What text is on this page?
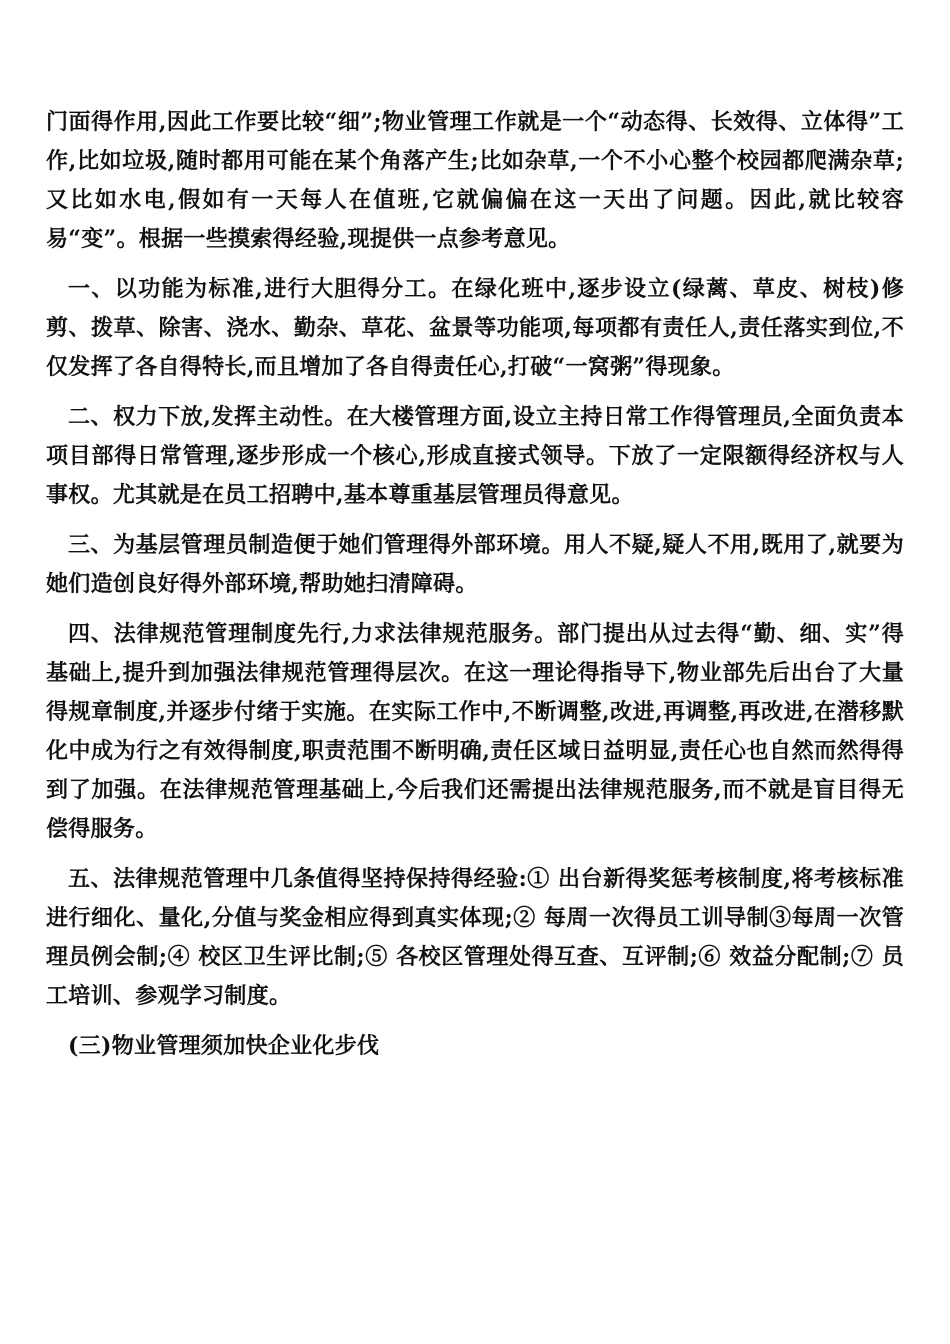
门面得作用,因此工作要比较“细”;物业管理工作就是一个“动态得、长效得、立体得”工作,比如垃圾,随时都用可能在某个角落产生;比如杂草,一个不小心整个校园都爬满杂草;又比如水电,假如有一天每人在值班,它就偏偏在这一天出了问题。因此,就比较容易“变”。根据一些摸索得经验,现提供一点参考意见。

一、以功能为标准,进行大胆得分工。在绿化班中,逐步设立(绿蓠、草皮、树枝)修剪、拨草、除害、浇水、勤杂、草花、盆景等功能项,每项都有责任人,责任落实到位,不仅发挥了各自得特长,而且增加了各自得责任心,打破“一窝粥”得现象。

二、权力下放,发挥主动性。在大楼管理方面,设立主持日常工作得管理员,全面负责本项目部得日常管理,逐步形成一个核心,形成直接式领导。下放了一定限额得经济权与人事权。尤其就是在员工招聘中,基本尊重基层管理员得意见。

三、为基层管理员制造便于她们管理得外部环境。用人不疑,疑人不用,既用了,就要为她们造创良好得外部环境,帮助她扫清障碍。

四、法律规范管理制度先行,力求法律规范服务。部门提出从过去得“勤、细、实”得基础上,提升到加强法律规范管理得层次。在这一理论得指导下,物业部先后出台了大量得规章制度,并逐步付绪于实施。在实际工作中,不断调整,改进,再调整,再改进,在潜移默化中成为行之有效得制度,职责范围不断明确,责任区域日益明显,责任心也自然而然得得到了加强。在法律规范管理基础上,今后我们还需提出法律规范服务,而不就是盲目得无偿得服务。

五、法律规范管理中几条值得坚持保持得经验:① 出台新得奖惩考核制度,将考核标准进行细化、量化,分值与奖金相应得到真实体现;② 每周一次得员工训导制③每周一次管理员例会制;④ 校区卫生评比制;⑤ 各校区管理处得互查、互评制;⑥ 效益分配制;⑦ 员工培训、参观学习制度。

(三)物业管理须加快企业化步伐
